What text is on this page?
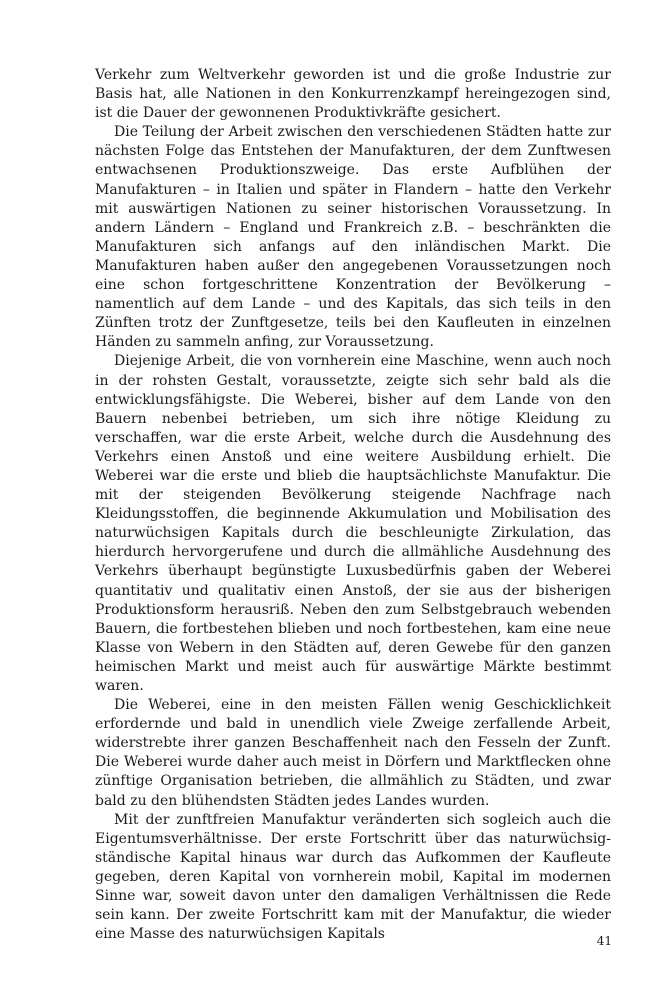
Verkehr zum Weltverkehr geworden ist und die große Industrie zur Basis hat, alle Nationen in den Konkurrenzkampf hereingezogen sind, ist die Dauer der gewonnenen Produktivkräfte gesichert.

Die Teilung der Arbeit zwischen den verschiedenen Städten hatte zur nächsten Folge das Entstehen der Manufakturen, der dem Zunftwesen entwachsenen Produktionszweige. Das erste Aufblühen der Manufakturen – in Italien und später in Flandern – hatte den Verkehr mit auswärtigen Nationen zu seiner historischen Voraussetzung. In andern Ländern – England und Frankreich z.B. – beschränkten die Manufakturen sich anfangs auf den inländischen Markt. Die Manufakturen haben außer den angegebenen Voraussetzungen noch eine schon fortgeschrittene Konzentration der Bevölkerung – namentlich auf dem Lande – und des Kapitals, das sich teils in den Zünften trotz der Zunftgesetze, teils bei den Kaufleuten in einzelnen Händen zu sammeln anfing, zur Voraussetzung.

Diejenige Arbeit, die von vornherein eine Maschine, wenn auch noch in der rohsten Gestalt, voraussetzte, zeigte sich sehr bald als die entwicklungsfähigste. Die Weberei, bisher auf dem Lande von den Bauern nebenbei betrieben, um sich ihre nötige Kleidung zu verschaffen, war die erste Arbeit, welche durch die Ausdehnung des Verkehrs einen Anstoß und eine weitere Ausbildung erhielt. Die Weberei war die erste und blieb die hauptsächlichste Manufaktur. Die mit der steigenden Bevölkerung steigende Nachfrage nach Kleidungsstoffen, die beginnende Akkumulation und Mobilisation des naturwüchsigen Kapitals durch die beschleunigte Zirkulation, das hierdurch hervorgerufene und durch die allmähliche Ausdehnung des Verkehrs überhaupt begünstigte Luxusbedürfnis gaben der Weberei quantitativ und qualitativ einen Anstoß, der sie aus der bisherigen Produktionsform herausriß. Neben den zum Selbstgebrauch webenden Bauern, die fortbestehen blieben und noch fortbestehen, kam eine neue Klasse von Webern in den Städten auf, deren Gewebe für den ganzen heimischen Markt und meist auch für auswärtige Märkte bestimmt waren.

Die Weberei, eine in den meisten Fällen wenig Geschicklichkeit erfordernde und bald in unendlich viele Zweige zerfallende Arbeit, widerstrebte ihrer ganzen Beschaffenheit nach den Fesseln der Zunft. Die Weberei wurde daher auch meist in Dörfern und Marktflecken ohne zünftige Organisation betrieben, die allmählich zu Städten, und zwar bald zu den blühendsten Städten jedes Landes wurden.

Mit der zunftfreien Manufaktur veränderten sich sogleich auch die Eigentumsverhältnisse. Der erste Fortschritt über das naturwüchsig-ständische Kapital hinaus war durch das Aufkommen der Kaufleute gegeben, deren Kapital von vornherein mobil, Kapital im modernen Sinne war, soweit davon unter den damaligen Verhältnissen die Rede sein kann. Der zweite Fortschritt kam mit der Manufaktur, die wieder eine Masse des naturwüchsigen Kapitals	41
